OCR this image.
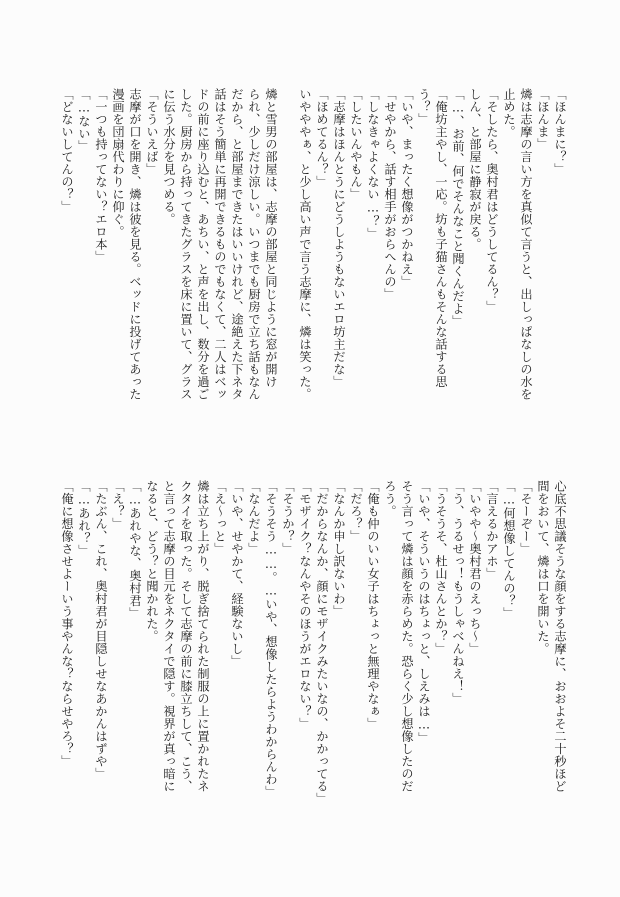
「ほんまに？」
「ほんま」
燐は志摩の言い方を真似て言うと、出しっぱなしの水を
止めた。
「そしたら、奥村君はどうしてるん？」
しん、と部屋に静寂が戻る。
「…、お前、何でそんなこと聞くんだよ」
「俺坊主やし、一応。坊も子猫さんもそんな話する思
う？」
「いや、まったく想像がつかねえ」
「せやから、話す相手がおらへんの」
「しなきゃよくない…？」
「したいんやもん」
「志摩はほんとうにどうしようもないエロ坊主だな」
「ほめてるん？」
いやややぁ、と少し高い声で言う志摩に、燐は笑った。

燐と雪男の部屋は、志摩の部屋と同じように窓が開け
られ、少しだけ涼しい。いつまでも厨房で立ち話もなん
だから、と部屋まできたはいいけれど、途絶えた下ネタ
話はそう簡単に再開できるものでもなくて、二人はベッ
ドの前に座り込むと、あちい、と声を出し、数分を過ご
した。厨房から持ってきたグラスを床に置いて、グラス
に伝う水分を見つめる。
「そういえば」
志摩が口を開き、燐は彼を見る。ベッドに投げてあった
漫画を団扇代わりに仰ぐ。
「一つも持ってない？エロ本」
「…ない」
「どないしてんの？」
心底不思議そうな顔をする志摩に、おおよそ二十秒ほど
間をおいて、燐は口を開いた。
「そーぞー」
「…何想像してんの？」
「言えるかアホ」
「いやや〜奥村君のえっち〜」
「う、うるせっ！もうしゃべんねえ！」
「うそうそ、杜山さんとか？」
「いや、そういうのはちょっと、しえみは…」
そう言って燐は顔を赤らめた。恐らく少し想像したのだ
ろう。
「俺も仲のいい女子はちょっと無理やなぁ」
「だろ？」
「なんか申し訳ないわ」
「だからなんか、顔にモザイクみたいなの、かかってる」
「モザイク？なんやそのほうがエロない？」
「そうか？」
「そうそう……。…いや、想像したらようわからんわ」
「なんだよ」
「いや、せやかて、経験ないし」
「え〜っと」
燐は立ち上がり、脱ぎ捨てられた制服の上に置かれたネ
クタイを取った。そして志摩の前に膝立ちして、こう、
と言って志摩の目元をネクタイで隠す。視界が真っ暗に
なると、どう？と聞かれた。
「…あれやな、奥村君」
「え？」
「たぶん、これ、奥村君が目隠しせなあかんはずや」
「…あれ？」
「俺に想像させよーいう事やんな？ならせやろ？」
